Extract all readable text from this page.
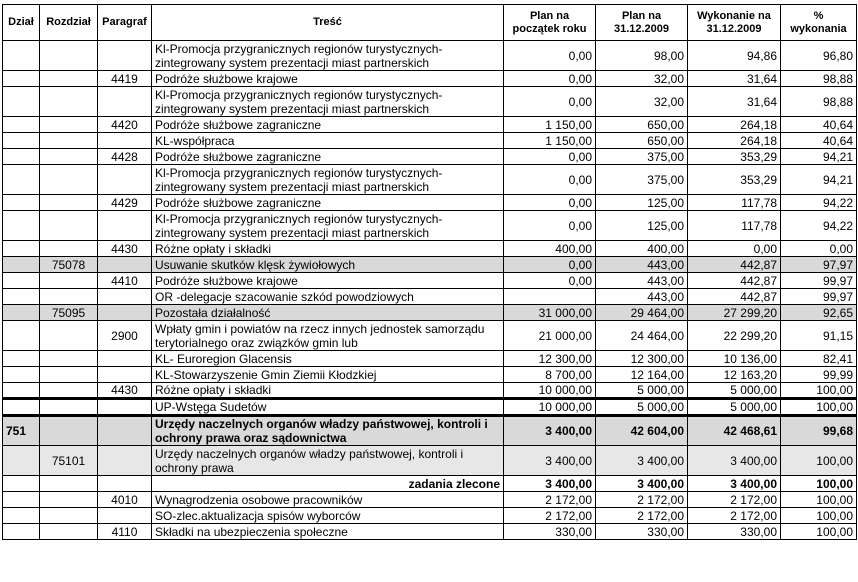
Dział	Rozdział	Paragraf	Treść	Plan na początek roku	Plan na 31.12.2009	Wykonanie na 31.12.2009	% wykonania
			Kl-Promocja przygranicznych regionów turystycznych- zintegrowany system prezentacji miast partnerskich	0,00	98,00	94,86	96,80
		4419	Podróże służbowe krajowe	0,00	32,00	31,64	98,88
			Kl-Promocja przygranicznych regionów turystycznych- zintegrowany system prezentacji miast partnerskich	0,00	32,00	31,64	98,88
		4420	Podróże służbowe zagraniczne	1 150,00	650,00	264,18	40,64
			KL-współpraca	1 150,00	650,00	264,18	40,64
		4428	Podróże służbowe zagraniczne	0,00	375,00	353,29	94,21
			Kl-Promocja przygranicznych regionów turystycznych- zintegrowany system prezentacji miast partnerskich	0,00	375,00	353,29	94,21
		4429	Podróże służbowe zagraniczne	0,00	125,00	117,78	94,22
			Kl-Promocja przygranicznych regionów turystycznych- zintegrowany system prezentacji miast partnerskich	0,00	125,00	117,78	94,22
		4430	Różne opłaty i składki	400,00	400,00	0,00	0,00
	75078		Usuwanie skutków klęsk żywiołowych	0,00	443,00	442,87	97,97
		4410	Podróże służbowe krajowe	0,00	443,00	442,87	99,97
			OR -delegacje szacowanie szkód powodziowych		443,00	442,87	99,97
	75095		Pozostała działalność	31 000,00	29 464,00	27 299,20	92,65
		2900	Wpłaty gmin i powiatów na rzecz innych jednostek samorządu terytorialnego oraz związków gmin lub	21 000,00	24 464,00	22 299,20	91,15
			KL- Euroregion Glacensis	12 300,00	12 300,00	10 136,00	82,41
			KL-Stowarzyszenie Gmin Ziemii Kłodzkiej	8 700,00	12 164,00	12 163,20	99,99
		4430	Różne opłaty i składki	10 000,00	5 000,00	5 000,00	100,00
			UP-Wstęga Sudetów	10 000,00	5 000,00	5 000,00	100,00
751			Urzędy naczelnych organów władzy państwowej, kontroli i ochrony prawa oraz sądownictwa	3 400,00	42 604,00	42 468,61	99,68
	75101		Urzędy naczelnych organów władzy państwowej, kontroli i ochrony prawa	3 400,00	3 400,00	3 400,00	100,00
			zadania zlecone	3 400,00	3 400,00	3 400,00	100,00
		4010	Wynagrodzenia osobowe pracowników	2 172,00	2 172,00	2 172,00	100,00
			SO-zlec.aktualizacja spisów wyborców	2 172,00	2 172,00	2 172,00	100,00
		4110	Składki na ubezpieczenia społeczne	330,00	330,00	330,00	100,00
